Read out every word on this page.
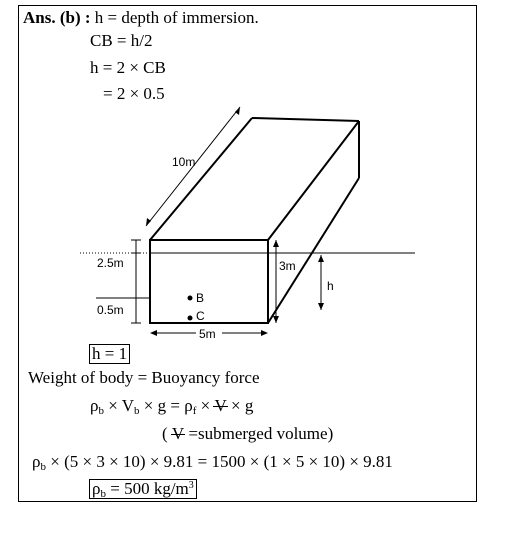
Ans. (b) : h = depth of immersion.
CB = h/2
h = 2 × CB
= 2 × 0.5
10m
2.5m	3m
h
B
C
0.5m
5m
h = 1
Weight of body = Buoyancy force
$\rho_b \times V_b \times g = \rho_f \times V \times g$
( V =submerged volume)
$\rho_b \times (5 \times 3 \times 10) \times 9.81 = 1500 \times (1 \times 5 \times 10) \times 9.81$
$\rho_b = 500$ $kg/m^3$
